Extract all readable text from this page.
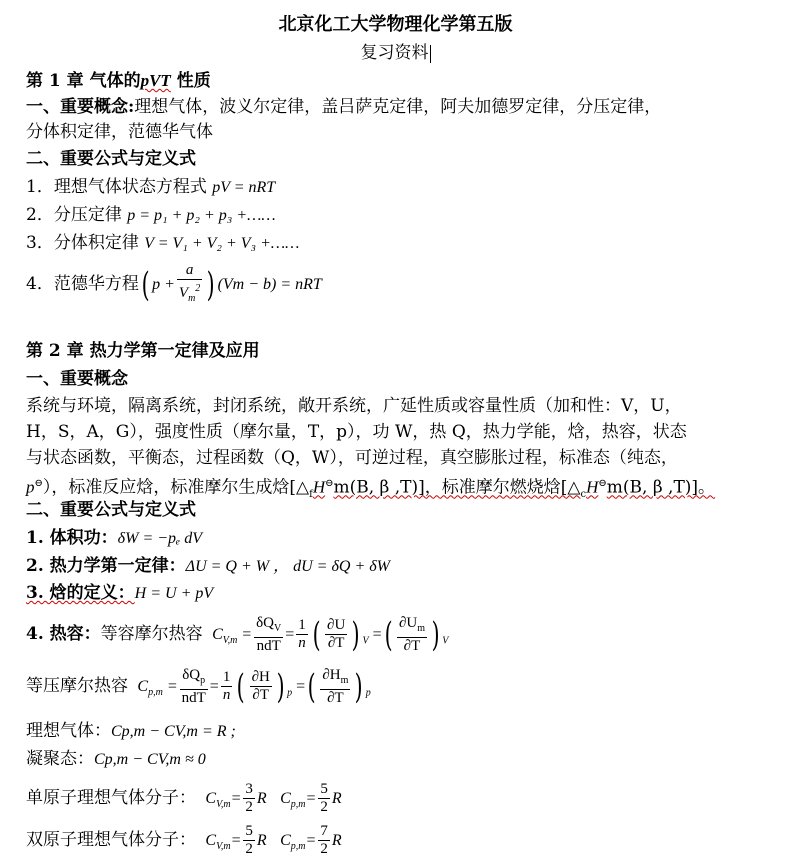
北京化工大学物理化学第五版
复习资料
第 1 章 气体的pVT 性质
一、重要概念:理想气体，波义尔定律，盖吕萨克定律，阿夫加德罗定律，分压定律，
分体积定律，范德华气体
二、重要公式与定义式
1．理想气体状态方程式 pV = nRT
2．分压定律 p = p₁ + p₂ + p₃ +……
3．分体积定律 V = V₁ + V₂ + V₃ +……
4．范德华方程( $p + \frac{a}{V_m^2}$ ) (Vm − b) = nRT
第 2 章 热力学第一定律及应用
一、重要概念
系统与环境，隔离系统，封闭系统，敞开系统，广延性质或容量性质（加和性：V，U，
H，S，A，G），强度性质（摩尔量，T，p），功 W，热 Q，热力学能，焓，热容，状态
与状态函数，平衡态，过程函数（Q，W），可逆过程，真空膨胀过程，标准态（纯态，
p⊖），标准反应焓，标准摩尔生成焓[$\triangle_fH^⊖m(B$, β ,T)]，标准摩尔燃烧焓[$\triangle_cH^⊖m(B$, β ,T)]。
二、重要公式与定义式
1. 体积功：δW = −pₑ dV
2. 热力学第一定律：ΔU = Q + W ， dU = δQ + δW
3. 焓的定义：H = U + pV
4. 热容：等容摩尔热容  $C_{V,m} = \frac{\delta Q_V}{\text{ndT}} = \frac{1}{n}$ ( $\frac{\partial U}{\partial T}$ ) $_V$ =( $\frac{\partial U_m}{\partial T}$ ) $_V$
等压摩尔热容  $C_{p,m} = \frac{\delta Q_p}{\text{ndT}} = \frac{1}{n}$ ( $\frac{\partial H}{\partial T}$ ) $_p$ =( $\frac{\partial H_m}{\partial T}$ ) $_p$
理想气体：Cp,m − CV,m = R ;
凝聚态：Cp,m − CV,m ≈ 0
单原子理想气体分子：  $C_{V,m}= \frac{3}{2}$ R   $C_{p,m}= \frac{5}{2}$ R
双原子理想气体分子：  $C_{V,m}= \frac{5}{2}$ R   $C_{p,m}= \frac{7}{2}$ R
